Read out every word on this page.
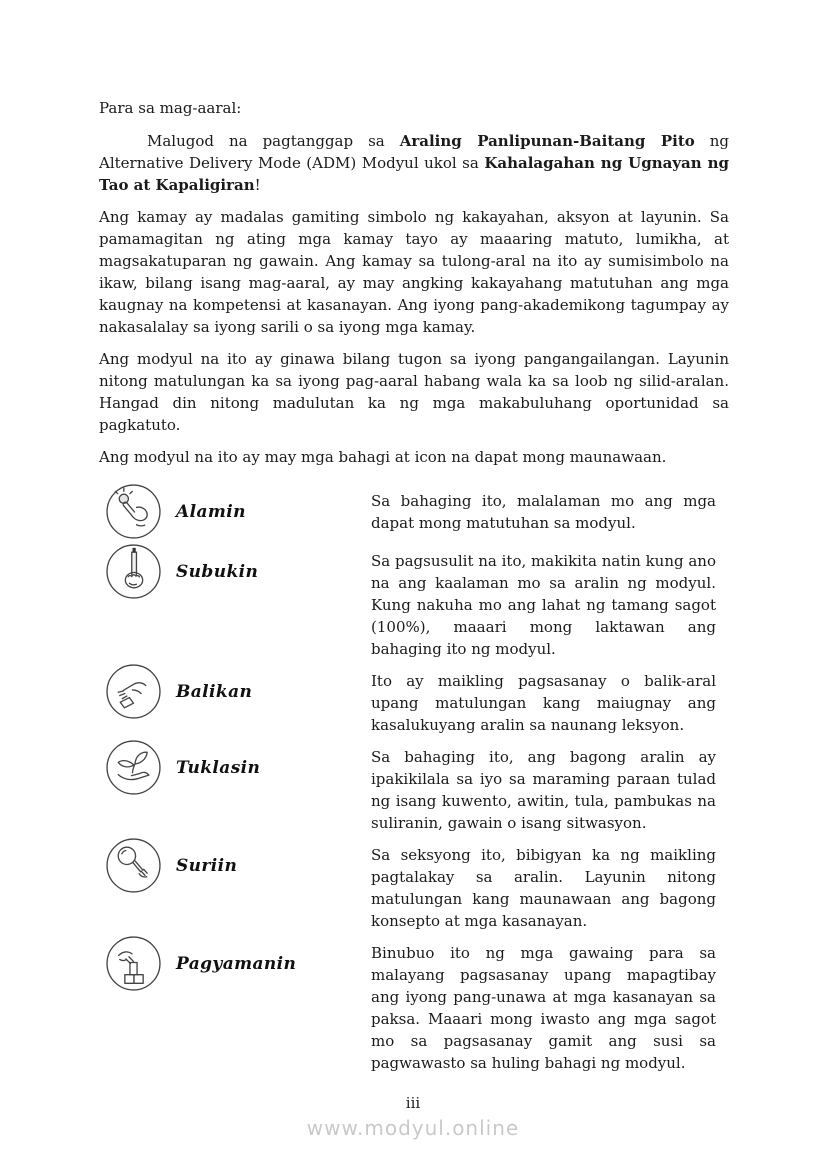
Para sa mag-aaral:

Malugod na pagtanggap sa Araling Panlipunan-Baitang Pito ng Alternative Delivery Mode (ADM) Modyul ukol sa Kahalagahan ng Ugnayan ng Tao at Kapaligiran!

Ang kamay ay madalas gamiting simbolo ng kakayahan, aksyon at layunin. Sa pamamagitan ng ating mga kamay tayo ay maaaring matuto, lumikha, at magsakatuparan ng gawain. Ang kamay sa tulong-aral na ito ay sumisimbolo na ikaw, bilang isang mag-aaral, ay may angking kakayahang matutuhan ang mga kaugnay na kompetensi at kasanayan. Ang iyong pang-akademikong tagumpay ay nakasalalay sa iyong sarili o sa iyong mga kamay.

Ang modyul na ito ay ginawa bilang tugon sa iyong pangangailangan. Layunin nitong matulungan ka sa iyong pag-aaral habang wala ka sa loob ng silid-aralan. Hangad din nitong madulutan ka ng mga makabuluhang oportunidad sa pagkatuto.

Ang modyul na ito ay may mga bahagi at icon na dapat mong maunawaan.

Alamin

Sa bahaging ito, malalaman mo ang mga dapat mong matutuhan sa modyul.

Subukin

Sa pagsusulit na ito, makikita natin kung ano na ang kaalaman mo sa aralin ng modyul. Kung nakuha mo ang lahat ng tamang sagot (100%), maaari mong laktawan ang bahaging ito ng modyul.

Balikan

Ito ay maikling pagsasanay o balik-aral upang matulungan kang maiugnay ang kasalukuyang aralin sa naunang leksyon.

Tuklasin

Sa bahaging ito, ang bagong aralin ay ipakikilala sa iyo sa maraming paraan tulad ng isang kuwento, awitin, tula, pambukas na suliranin, gawain o isang sitwasyon.

Suriin

Sa seksyong ito, bibigyan ka ng maikling pagtalakay sa aralin. Layunin nitong matulungan kang maunawaan ang bagong konsepto at mga kasanayan.

Pagyamanin

Binubuo ito ng mga gawaing para sa malayang pagsasanay upang mapagtibay ang iyong pang-unawa at mga kasanayan sa paksa. Maaari mong iwasto ang mga sagot mo sa pagsasanay gamit ang susi sa pagwawasto sa huling bahagi ng modyul.

iii
www.modyul.online
